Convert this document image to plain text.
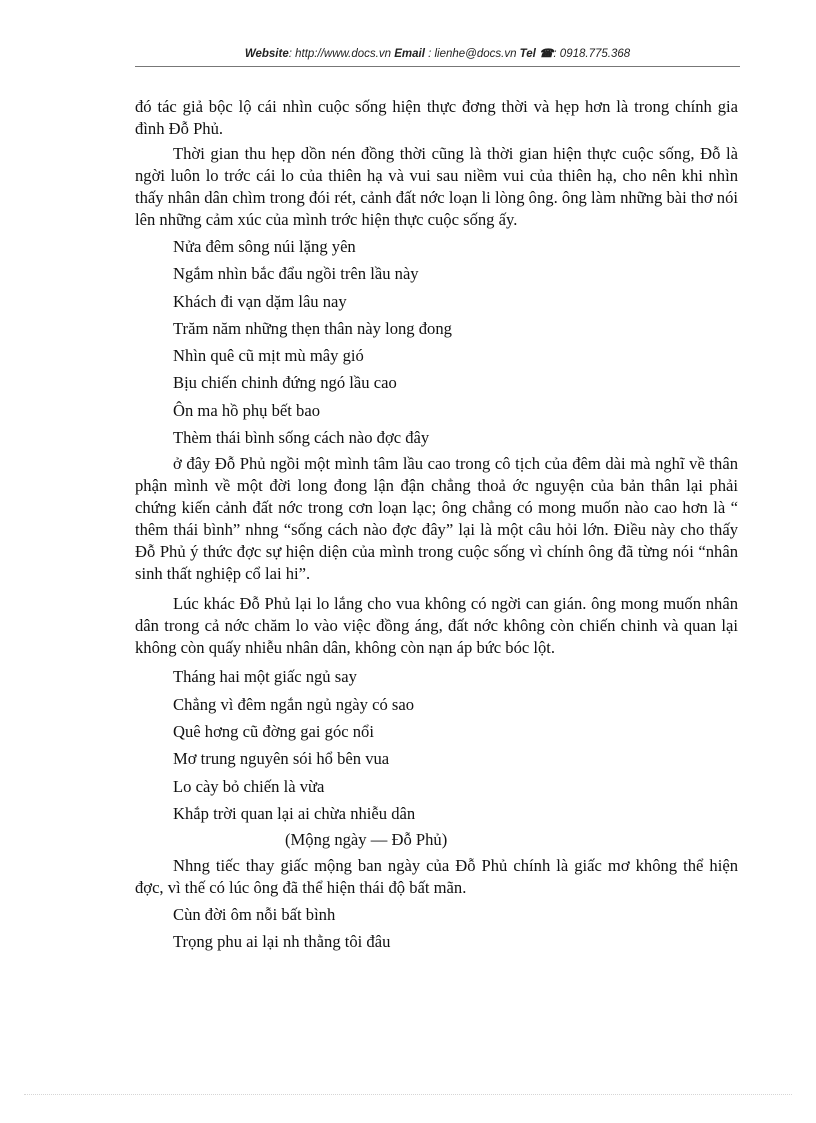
Website: http://www.docs.vn Email : lienhe@docs.vn Tel ☎: 0918.775.368

đó tác giả bộc lộ cái nhìn cuộc sống hiện thực đơng thời và hẹp hơn là trong chính gia đình Đỗ Phủ.

Thời gian thu hẹp dồn nén đồng thời cũng là thời gian hiện thực cuộc sống, Đỗ là ngời luôn lo trớc cái lo của thiên hạ và vui sau niềm vui của thiên hạ, cho nên khi nhìn thấy nhân dân chìm trong đói rét, cảnh đất nớc loạn li lòng ông. ông làm những bài thơ nói lên những cảm xúc của mình trớc hiện thực cuộc sống ấy.

Nửa đêm sông núi lặng yên

Ngắm nhìn bắc đẩu ngồi trên lầu này

Khách đi vạn dặm lâu nay

Trăm năm những thẹn thân này long đong

Nhìn quê cũ mịt mù mây gió

Bịu chiến chinh đứng ngó lầu cao

Ôn ma hồ phụ bết bao

Thèm thái bình sống cách nào đợc đây

ở đây Đỗ Phủ ngồi một mình tâm lầu cao trong cô tịch của đêm dài mà nghĩ về thân phận mình về một đời long đong lận đận chẳng thoả ớc nguyện của bản thân lại phải chứng kiến cảnh đất nớc trong cơn loạn lạc; ông chẳng có mong muốn nào cao hơn là “ thêm thái bình” nhng “sống cách nào đợc đây” lại là một câu hỏi lớn. Điều này cho thấy Đỗ Phủ ý thức đợc sự hiện diện của mình trong cuộc sống vì chính ông đã từng nói “nhân sinh thất nghiệp cổ lai hi”.

Lúc khác Đỗ Phủ lại lo lắng cho vua không có ngời can gián. ông mong muốn nhân dân trong cả nớc chăm lo vào việc đồng áng, đất nớc không còn chiến chinh và quan lại không còn quấy nhiễu nhân dân, không còn nạn áp bức bóc lột.

Tháng hai một giấc ngủ say

Chẳng vì đêm ngắn ngủ ngày có sao

Quê hơng cũ đờng gai góc nổi

Mơ trung nguyên sói hổ bên vua

Lo cày bỏ chiến là vừa

Khắp trời quan lại ai chừa nhiễu dân

(Mộng ngày — Đỗ Phủ)

Nhng tiếc thay giấc mộng ban ngày của Đỗ Phủ chính là giấc mơ không thể hiện đợc, vì thế có lúc ông đã thể hiện thái độ bất mãn.

Cùn đời ôm nỗi bất bình

Trọng phu ai lại nh thằng tôi đâu
